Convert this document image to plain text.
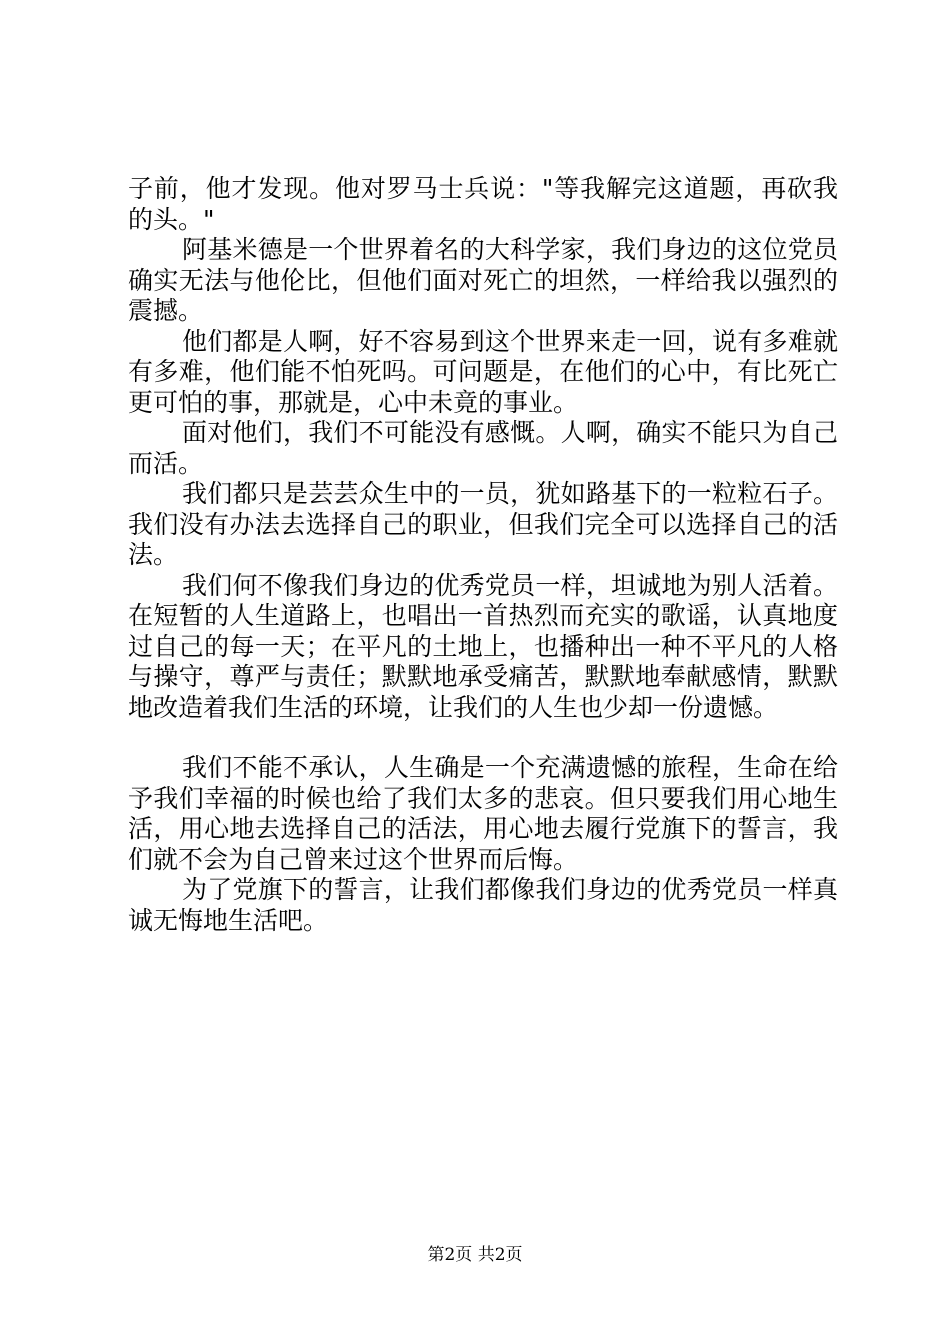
子前，他才发现。他对罗马士兵说："等我解完这道题，再砍我的头。"

阿基米德是一个世界着名的大科学家，我们身边的这位党员确实无法与他伦比，但他们面对死亡的坦然，一样给我以强烈的震撼。

他们都是人啊，好不容易到这个世界来走一回，说有多难就有多难，他们能不怕死吗。可问题是，在他们的心中，有比死亡更可怕的事，那就是，心中未竟的事业。

面对他们，我们不可能没有感慨。人啊，确实不能只为自己而活。

我们都只是芸芸众生中的一员，犹如路基下的一粒粒石子。我们没有办法去选择自己的职业，但我们完全可以选择自己的活法。

我们何不像我们身边的优秀党员一样，坦诚地为别人活着。在短暂的人生道路上，也唱出一首热烈而充实的歌谣，认真地度过自己的每一天；在平凡的土地上，也播种出一种不平凡的人格与操守，尊严与责任；默默地承受痛苦，默默地奉献感情，默默地改造着我们生活的环境，让我们的人生也少却一份遗憾。

我们不能不承认，人生确是一个充满遗憾的旅程，生命在给予我们幸福的时候也给了我们太多的悲哀。但只要我们用心地生活，用心地去选择自己的活法，用心地去履行党旗下的誓言，我们就不会为自己曾来过这个世界而后悔。

为了党旗下的誓言，让我们都像我们身边的优秀党员一样真诚无悔地生活吧。

第2页 共2页
